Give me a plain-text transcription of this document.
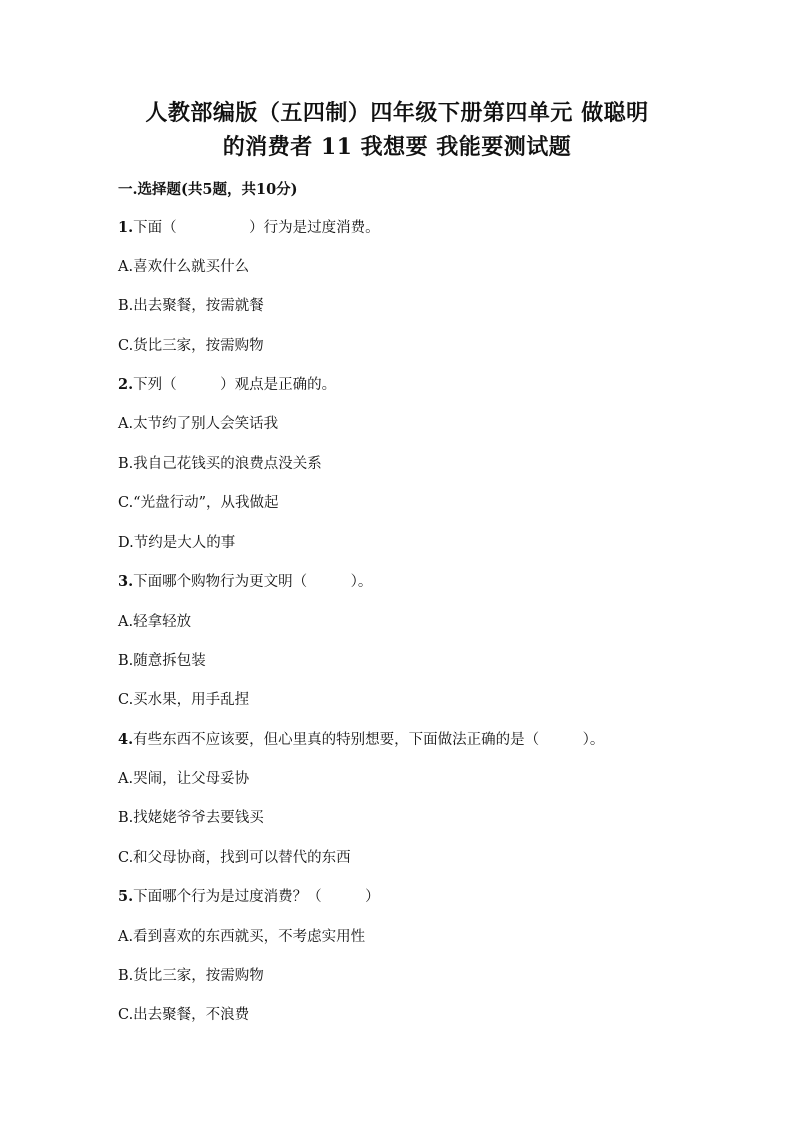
人教部编版（五四制）四年级下册第四单元 做聪明
的消费者 11 我想要 我能要测试题
一.选择题(共5题，共10分)
1.下面（　　　　　）行为是过度消费。
A.喜欢什么就买什么
B.出去聚餐，按需就餐
C.货比三家，按需购物
2.下列（　　　）观点是正确的。
A.太节约了别人会笑话我
B.我自己花钱买的浪费点没关系
C.“光盘行动”，从我做起
D.节约是大人的事
3.下面哪个购物行为更文明（　　　）。
A.轻拿轻放
B.随意拆包装
C.买水果，用手乱捏
4.有些东西不应该要，但心里真的特别想要，下面做法正确的是（　　　）。
A.哭闹，让父母妥协
B.找姥姥爷爷去要钱买
C.和父母协商，找到可以替代的东西
5.下面哪个行为是过度消费？（　　　）
A.看到喜欢的东西就买，不考虑实用性
B.货比三家，按需购物
C.出去聚餐，不浪费
